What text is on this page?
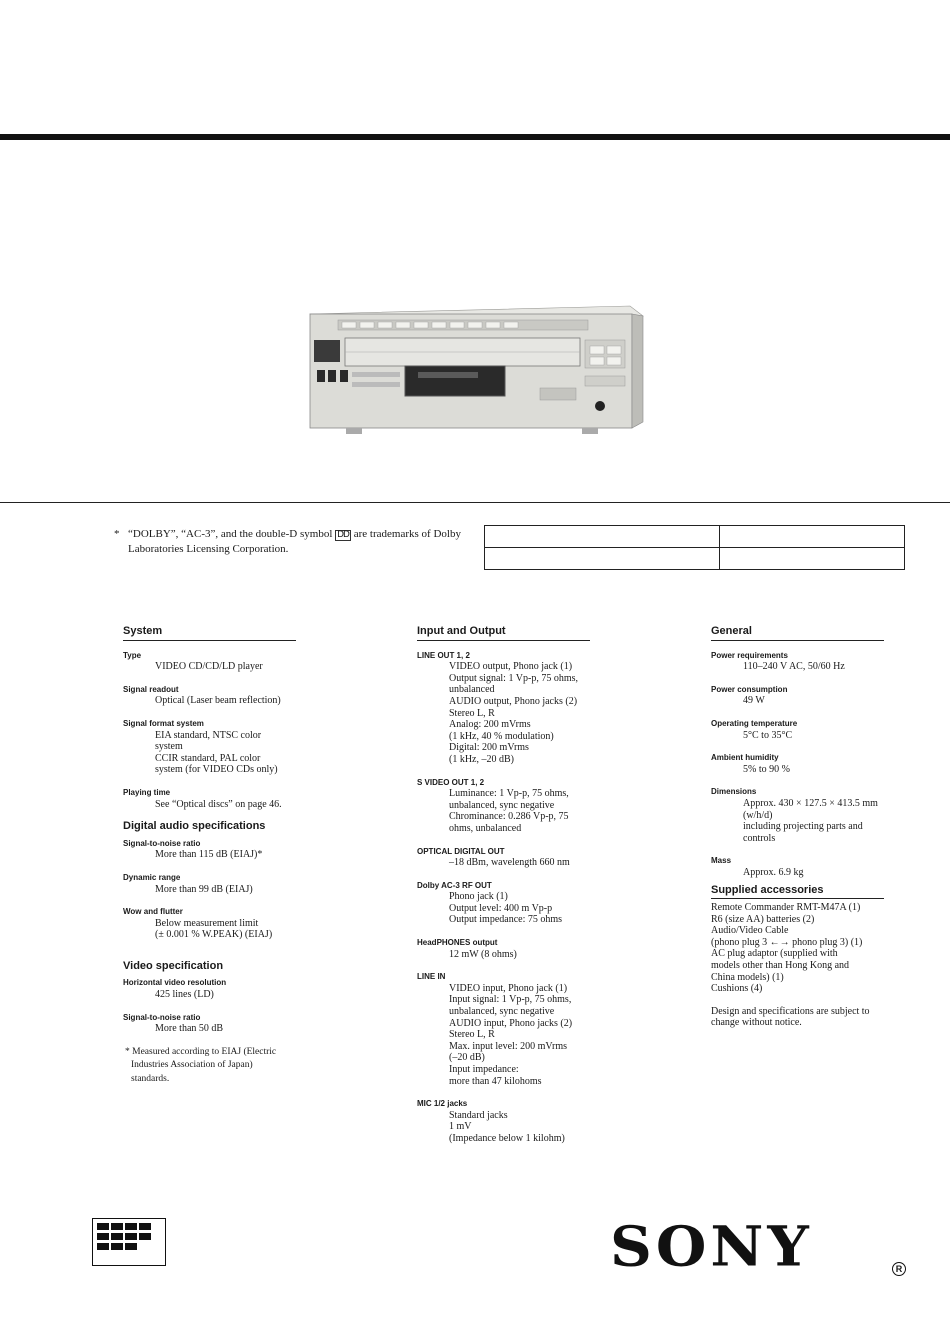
* “DOLBY”, “AC-3”, and the double-D symbol DD are trademarks of Dolby Laboratories Licensing Corporation.

System
Type
VIDEO CD/CD/LD player
Signal readout
Optical (Laser beam reflection)
Signal format system
EIA standard, NTSC color
system
CCIR standard, PAL color
system (for VIDEO CDs only)
Playing time
See “Optical discs” on page 46.
Digital audio specifications
Signal-to-noise ratio
More than 115 dB (EIAJ)*
Dynamic range
More than 99 dB (EIAJ)
Wow and flutter
Below measurement limit
(± 0.001 % W.PEAK) (EIAJ)
Video specification
Horizontal video resolution
425 lines (LD)
Signal-to-noise ratio
More than 50 dB
* Measured according to EIAJ (Electric
Industries Association of Japan)
standards.
Input and Output
LINE OUT 1, 2
VIDEO output, Phono jack (1)
Output signal: 1 Vp-p, 75 ohms,
unbalanced
AUDIO output, Phono jacks (2)
Stereo L, R
Analog: 200 mVrms
(1 kHz, 40 % modulation)
Digital: 200 mVrms
(1 kHz, –20 dB)
S VIDEO OUT 1, 2
Luminance: 1 Vp-p, 75 ohms,
unbalanced, sync negative
Chrominance: 0.286 Vp-p, 75
ohms, unbalanced
OPTICAL DIGITAL OUT
–18 dBm, wavelength 660 nm
Dolby AC-3 RF OUT
Phono jack (1)
Output level: 400 m Vp-p
Output impedance: 75 ohms
HeadPHONES output
12 mW (8 ohms)
LINE IN
VIDEO input, Phono jack (1)
Input signal: 1 Vp-p, 75 ohms,
unbalanced, sync negative
AUDIO input, Phono jacks (2)
Stereo L, R
Max. input level: 200 mVrms
(–20 dB)
Input impedance:
more than 47 kilohoms
MIC 1/2 jacks
Standard jacks
1 mV
(Impedance below 1 kilohm)
General
Power requirements
110–240 V AC, 50/60 Hz
Power consumption
49 W
Operating temperature
5°C to 35°C
Ambient humidity
5% to 90 %
Dimensions
Approx. 430 × 127.5 × 413.5 mm
(w/h/d)
including projecting parts and
controls
Mass
Approx. 6.9 kg
Supplied accessories
Remote Commander RMT-M47A (1)
R6 (size AA) batteries (2)
Audio/Video Cable
(phono plug 3 ←→ phono plug 3) (1)
AC plug adaptor (supplied with
models other than Hong Kong and
China models) (1)
Cushions (4)
Design and specifications are subject to
change without notice.
SONY	R
